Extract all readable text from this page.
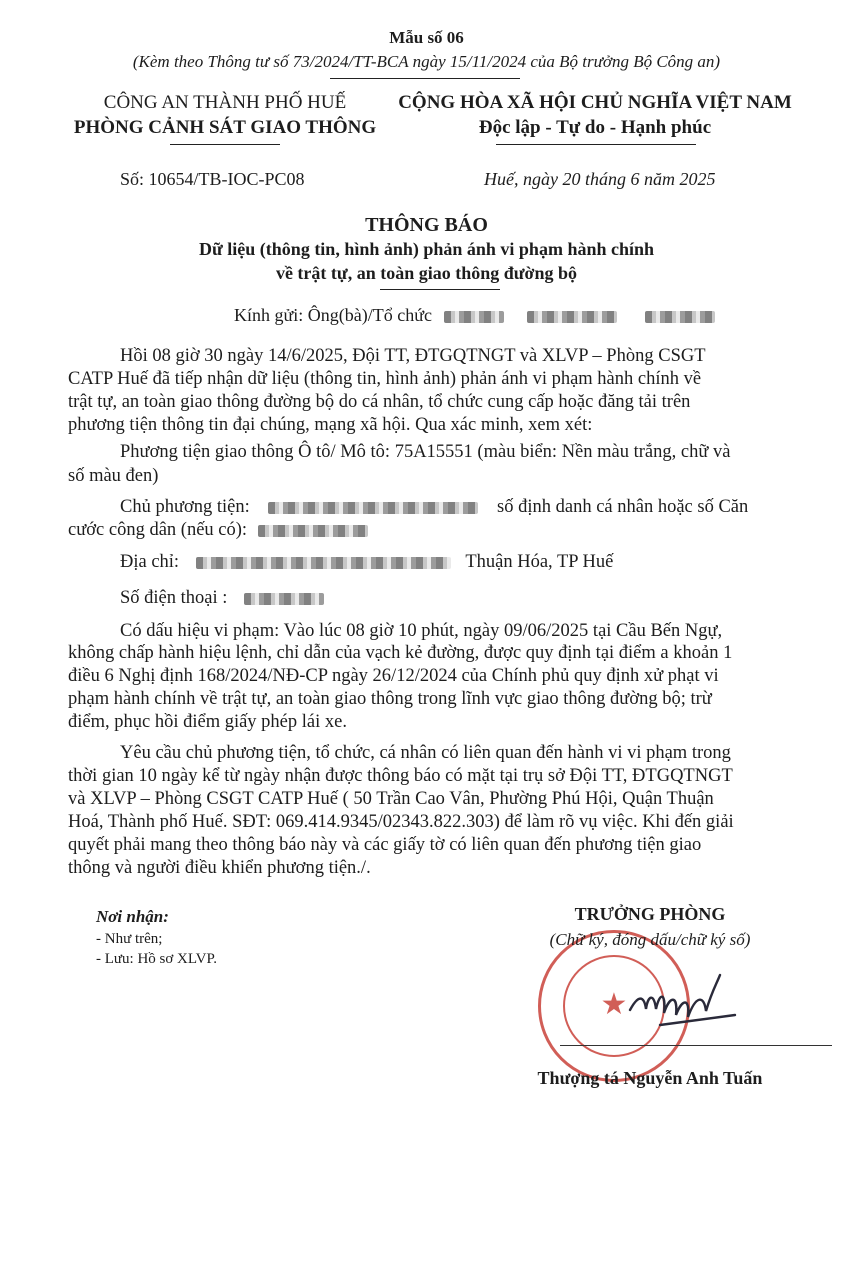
Mẫu số 06
(Kèm theo Thông tư số 73/2024/TT-BCA ngày 15/11/2024 của Bộ trưởng Bộ Công an)
CÔNG AN THÀNH PHỐ HUẾ
PHÒNG CẢNH SÁT GIAO THÔNG
CỘNG HÒA XÃ HỘI CHỦ NGHĨA VIỆT NAM
Độc lập - Tự do - Hạnh phúc
Số: 10654/TB-IOC-PC08	Huế, ngày 20 tháng 6 năm 2025
THÔNG BÁO
Dữ liệu (thông tin, hình ảnh) phản ánh vi phạm hành chính
về trật tự, an toàn giao thông đường bộ
Kính gửi: Ông(bà)/Tổ chức
Hồi 08 giờ 30 ngày 14/6/2025, Đội TT, ĐTGQTNGT và XLVP – Phòng CSGT
CATP Huế đã tiếp nhận dữ liệu (thông tin, hình ảnh) phản ánh vi phạm hành chính về
trật tự, an toàn giao thông đường bộ do cá nhân, tổ chức cung cấp hoặc đăng tải trên
phương tiện thông tin đại chúng, mạng xã hội. Qua xác minh, xem xét:
Phương tiện giao thông Ô tô/ Mô tô: 75A15551 (màu biển: Nền màu trắng, chữ và
số màu đen)
Chủ phương tiện:	số định danh cá nhân hoặc số Căn
cước công dân (nếu có):
Địa chỉ:	Thuận Hóa, TP Huế
Số điện thoại :
Có dấu hiệu vi phạm: Vào lúc 08 giờ 10 phút, ngày 09/06/2025 tại Cầu Bến Ngự,
không chấp hành hiệu lệnh, chỉ dẫn của vạch kẻ đường, được quy định tại điểm a khoản 1
điều 6 Nghị định 168/2024/NĐ-CP ngày 26/12/2024 của Chính phủ quy định xử phạt vi
phạm hành chính về trật tự, an toàn giao thông trong lĩnh vực giao thông đường bộ; trừ
điểm, phục hồi điểm giấy phép lái xe.
Yêu cầu chủ phương tiện, tổ chức, cá nhân có liên quan đến hành vi vi phạm trong
thời gian 10 ngày kể từ ngày nhận được thông báo có mặt tại trụ sở Đội TT, ĐTGQTNGT
và XLVP – Phòng CSGT CATP Huế ( 50 Trần Cao Vân, Phường Phú Hội, Quận Thuận
Hoá, Thành phố Huế. SĐT: 069.414.9345/02343.822.303) để làm rõ vụ việc. Khi đến giải
quyết phải mang theo thông báo này và các giấy tờ có liên quan đến phương tiện giao
thông và người điều khiển phương tiện./.
Nơi nhận:
- Như trên;
- Lưu: Hồ sơ XLVP.
★
TRƯỞNG PHÒNG
(Chữ ký, đóng dấu/chữ ký số)
Thượng tá Nguyễn Anh Tuấn
